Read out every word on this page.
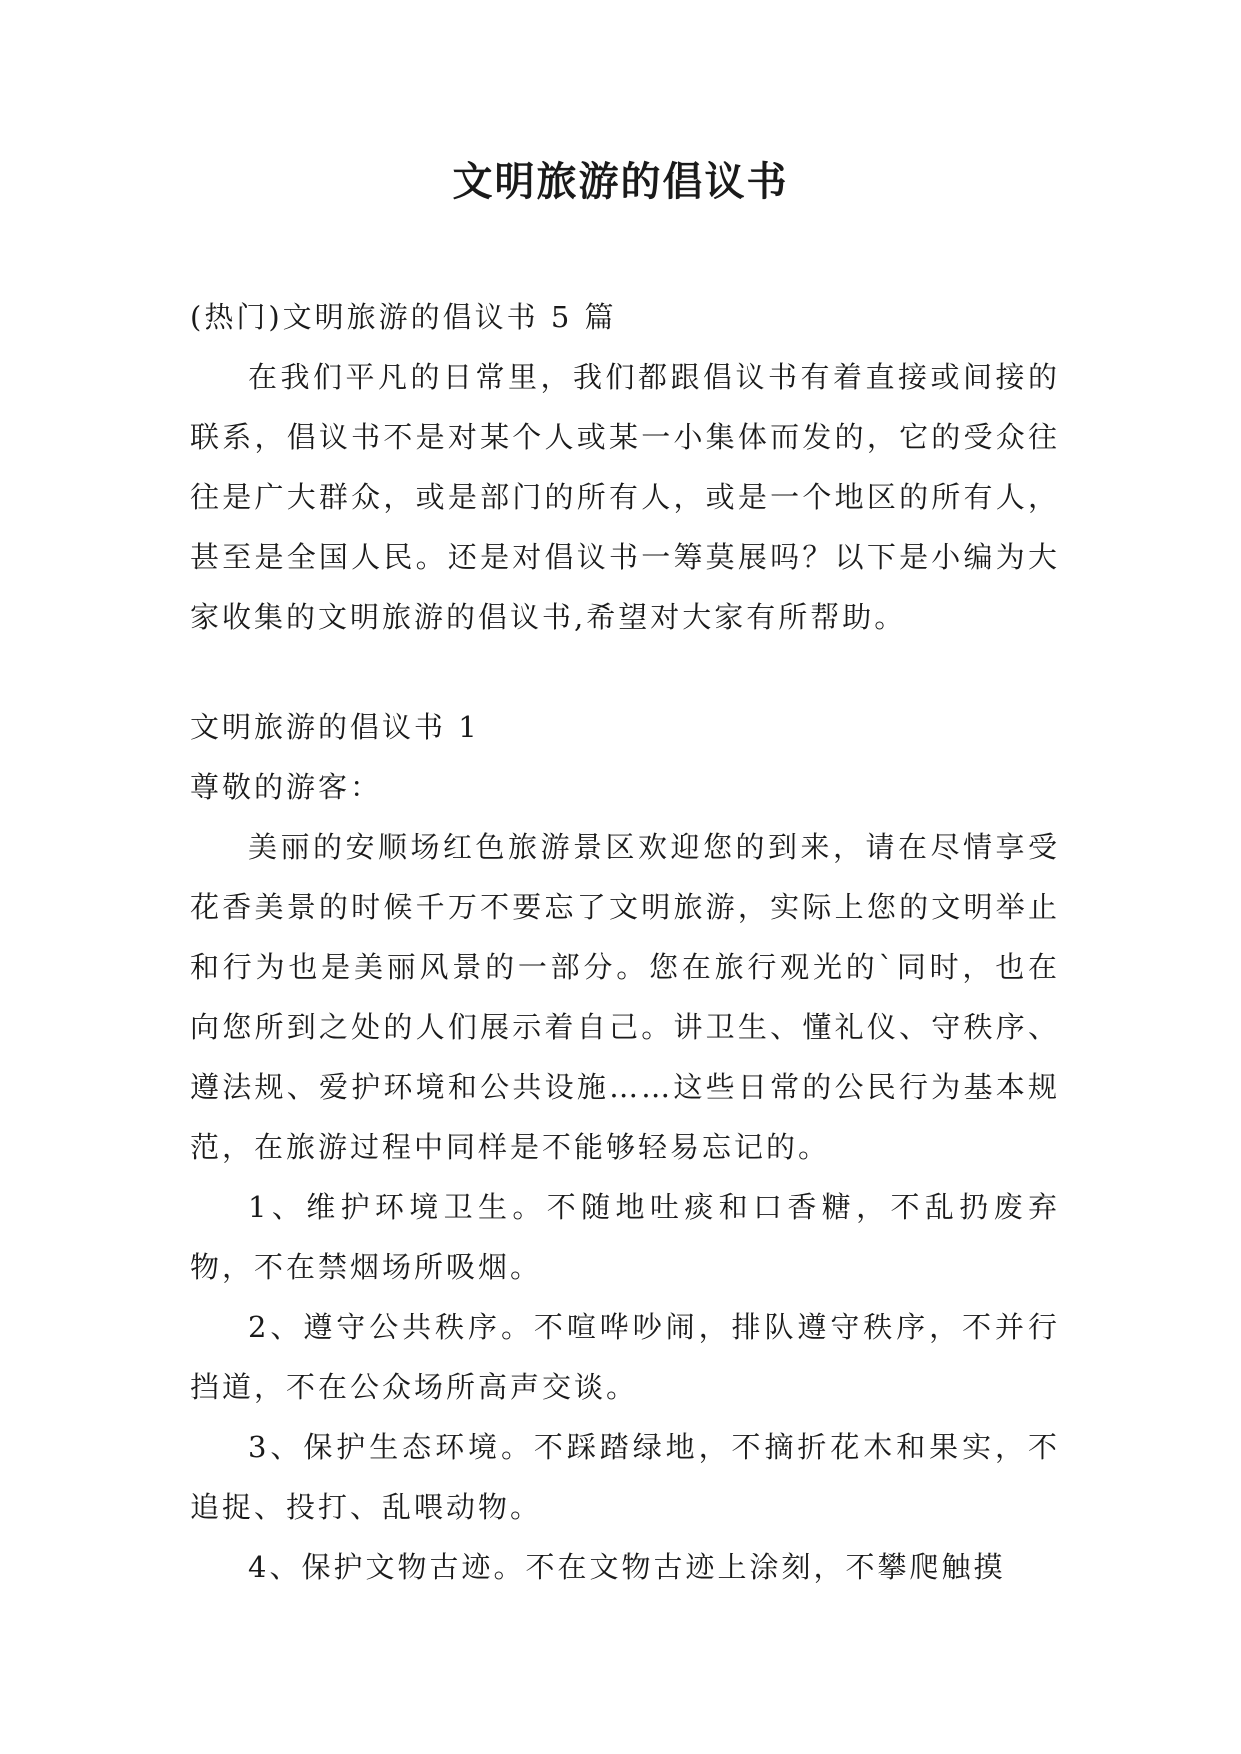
文明旅游的倡议书

(热门)文明旅游的倡议书 5 篇

在我们平凡的日常里，我们都跟倡议书有着直接或间接的联系，倡议书不是对某个人或某一小集体而发的，它的受众往往是广大群众，或是部门的所有人，或是一个地区的所有人，甚至是全国人民。还是对倡议书一筹莫展吗？以下是小编为大家收集的文明旅游的倡议书,希望对大家有所帮助。

文明旅游的倡议书 1

尊敬的游客：

美丽的安顺场红色旅游景区欢迎您的到来，请在尽情享受花香美景的时候千万不要忘了文明旅游，实际上您的文明举止和行为也是美丽风景的一部分。您在旅行观光的`同时，也在向您所到之处的人们展示着自己。讲卫生、懂礼仪、守秩序、遵法规、爱护环境和公共设施……这些日常的公民行为基本规范，在旅游过程中同样是不能够轻易忘记的。

1、维护环境卫生。不随地吐痰和口香糖，不乱扔废弃物，不在禁烟场所吸烟。

2、遵守公共秩序。不喧哗吵闹，排队遵守秩序，不并行挡道，不在公众场所高声交谈。

3、保护生态环境。不踩踏绿地，不摘折花木和果实，不追捉、投打、乱喂动物。

4、保护文物古迹。不在文物古迹上涂刻，不攀爬触摸
